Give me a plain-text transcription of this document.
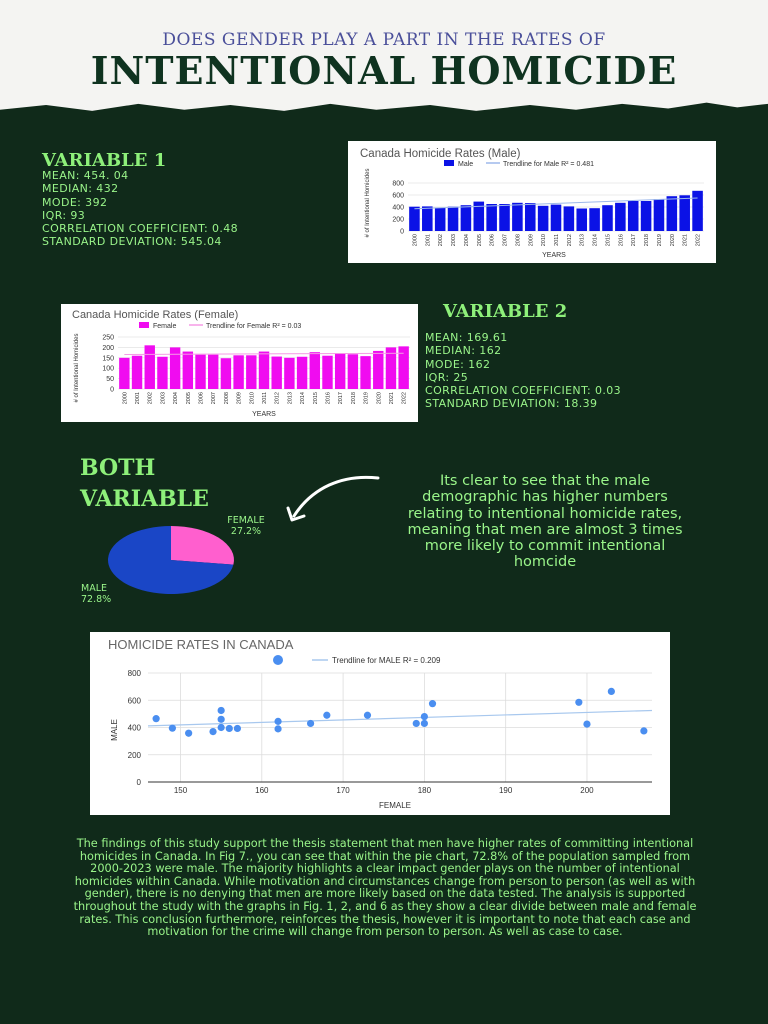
DOES GENDER PLAY A PART IN THE RATES OF
INTENTIONAL HOMICIDE
VARIABLE 1
MEAN: 454. 04
MEDIAN: 432
MODE: 392
IQR: 93
CORRELATION COEFFICIENT: 0.48
STANDARD DEVIATION: 545.04
Canada Homicide Rates (Male)
Male	Trendline for Male R² = 0.481
# of Intentional Homicides
YEARS
0
200
400
600
800
2000 2001 2002 2003 2004 2005 2006 2007 2008 2009 2010 2011 2012 2013 2014 2015 2016 2017 2018 2019 2020 2021 2022
Canada Homicide Rates (Female)
Female	Trendline for Female R² = 0.03
# of Intentional Homicides
YEARS
0
50
100
150
200
250
2000 2001 2002 2003 2004 2005 2006 2007 2008 2009 2010 2011 2012 2013 2014 2015 2016 2017 2018 2019 2020 2021 2022
VARIABLE 2
MEAN: 169.61
MEDIAN: 162
MODE: 162
IQR: 25
CORRELATION COEFFICIENT: 0.03
STANDARD DEVIATION: 18.39
BOTH
VARIABLE
FEMALE
27.2%
MALE
72.8%
Its clear to see that the male demographic has higher numbers relating to intentional homicide rates, meaning that men are almost 3 times more likely to commit intentional homcide
HOMICIDE RATES IN CANADA
Trendline for MALE R² = 0.209
MALE
FEMALE
0
200
400
600
800
150	160	170	180	190	200
The findings of this study support the thesis statement that men have higher rates of committing intentional homicides in Canada. In Fig 7., you can see that within the pie chart, 72.8% of the population sampled from 2000-2023 were male. The majority highlights a clear impact gender plays on the number of intentional homicides within Canada. While motivation and circumstances change from person to person (as well as with gender), there is no denying that men are more likely based on the data tested. The analysis is supported throughout the study with the graphs in Fig. 1, 2, and 6 as they show a clear divide between male and female rates. This conclusion furthermore, reinforces the thesis, however it is important to note that each case and motivation for the crime will change from person to person. As well as case to case.
